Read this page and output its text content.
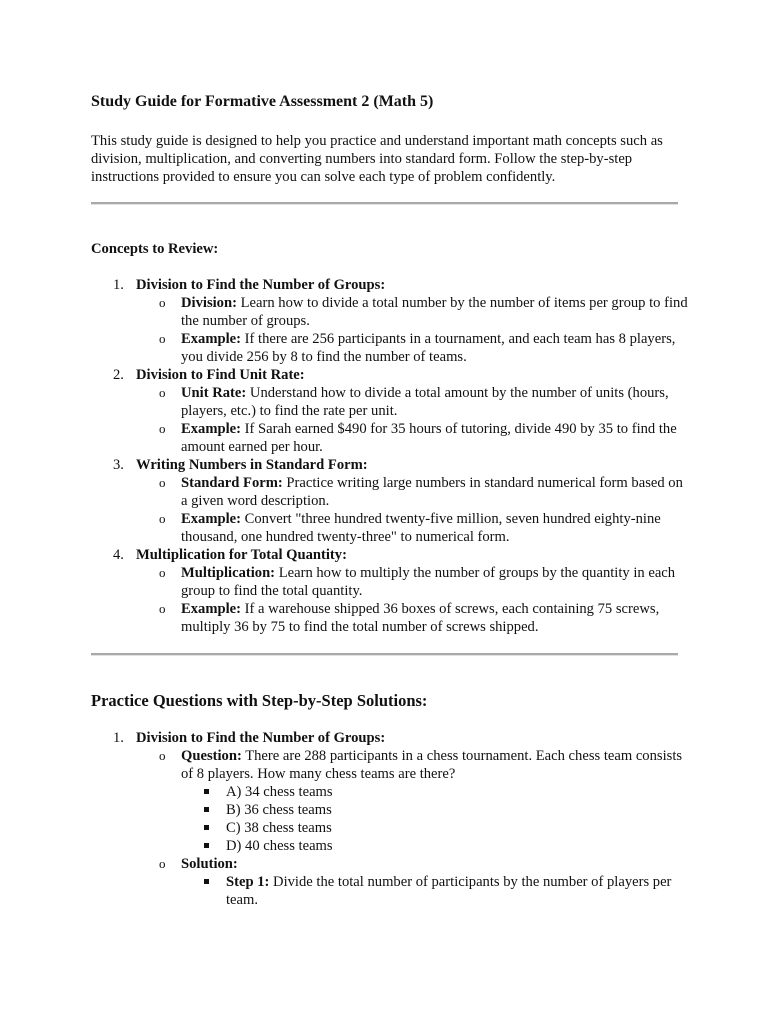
Study Guide for Formative Assessment 2 (Math 5)

This study guide is designed to help you practice and understand important math concepts such as division, multiplication, and converting numbers into standard form. Follow the step-by-step instructions provided to ensure you can solve each type of problem confidently.

Concepts to Review:
1. Division to Find the Number of Groups:
o Division: Learn how to divide a total number by the number of items per group to find the number of groups.
o Example: If there are 256 participants in a tournament, and each team has 8 players, you divide 256 by 8 to find the number of teams.
2. Division to Find Unit Rate:
o Unit Rate: Understand how to divide a total amount by the number of units (hours, players, etc.) to find the rate per unit.
o Example: If Sarah earned $490 for 35 hours of tutoring, divide 490 by 35 to find the amount earned per hour.
3. Writing Numbers in Standard Form:
o Standard Form: Practice writing large numbers in standard numerical form based on a given word description.
o Example: Convert "three hundred twenty-five million, seven hundred eighty-nine thousand, one hundred twenty-three" to numerical form.
4. Multiplication for Total Quantity:
o Multiplication: Learn how to multiply the number of groups by the quantity in each group to find the total quantity.
o Example: If a warehouse shipped 36 boxes of screws, each containing 75 screws, multiply 36 by 75 to find the total number of screws shipped.
Practice Questions with Step-by-Step Solutions:
1. Division to Find the Number of Groups:
o Question: There are 288 participants in a chess tournament. Each chess team consists of 8 players. How many chess teams are there?
A) 34 chess teams
B) 36 chess teams
C) 38 chess teams
D) 40 chess teams
o Solution:
Step 1: Divide the total number of participants by the number of players per team.
